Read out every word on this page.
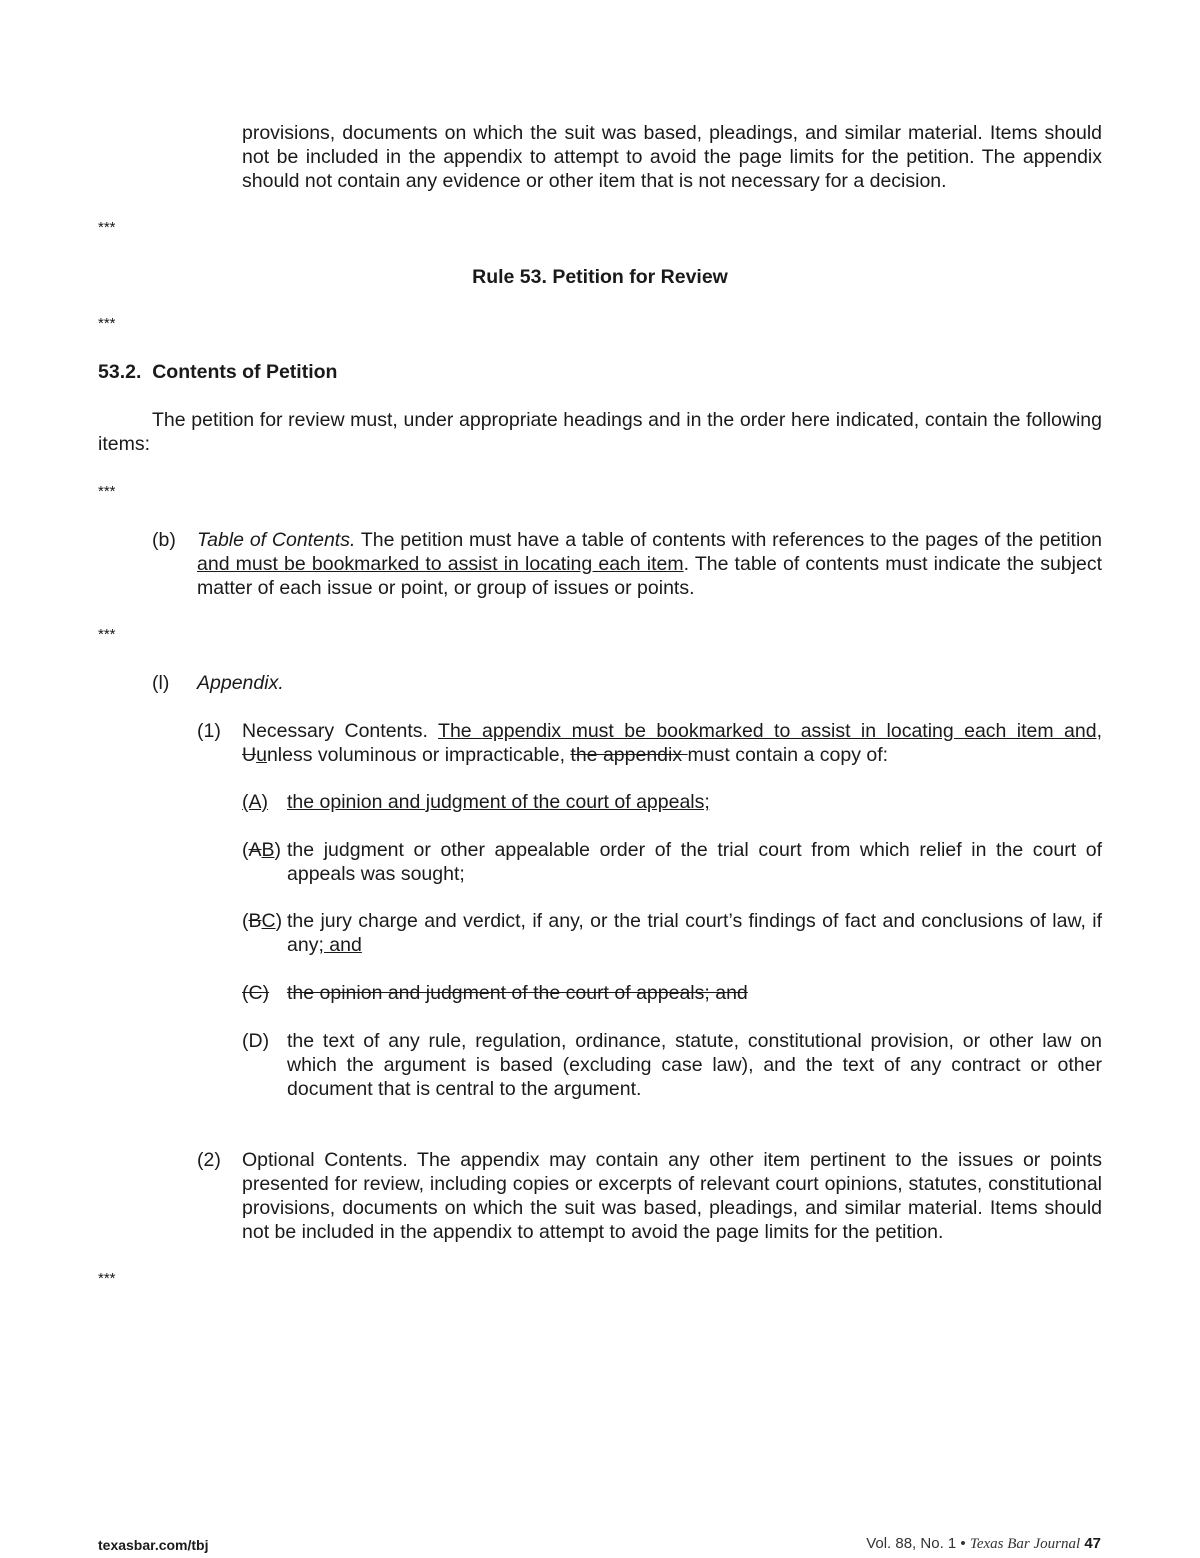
provisions, documents on which the suit was based, pleadings, and similar material. Items should not be included in the appendix to attempt to avoid the page limits for the petition. The appendix should not contain any evidence or other item that is not necessary for a decision.

***
Rule 53. Petition for Review
***
53.2.  Contents of Petition

The petition for review must, under appropriate headings and in the order here indicated, contain the following items:

***
(b) Table of Contents. The petition must have a table of contents with references to the pages of the petition and must be bookmarked to assist in locating each item. The table of contents must indicate the subject matter of each issue or point, or group of issues or points.

***
(l) Appendix.
(1) Necessary Contents. The appendix must be bookmarked to assist in locating each item and, Uunless voluminous or impracticable, the appendix must contain a copy of:

(A) the opinion and judgment of the court of appeals;
(AB) the judgment or other appealable order of the trial court from which relief in the court of appeals was sought;

(BC) the jury charge and verdict, if any, or the trial court’s findings of fact and conclusions of law, if any; and

(C) the opinion and judgment of the court of appeals; and
(D) the text of any rule, regulation, ordinance, statute, constitutional provision, or other law on which the argument is based (excluding case law), and the text of any contract or other document that is central to the argument.

(2) Optional Contents. The appendix may contain any other item pertinent to the issues or points presented for review, including copies or excerpts of relevant court opinions, statutes, constitutional provisions, documents on which the suit was based, pleadings, and similar material. Items should not be included in the appendix to attempt to avoid the page limits for the petition.

***
texasbar.com/tbj	Vol. 88, No. 1 • Texas Bar Journal 47
